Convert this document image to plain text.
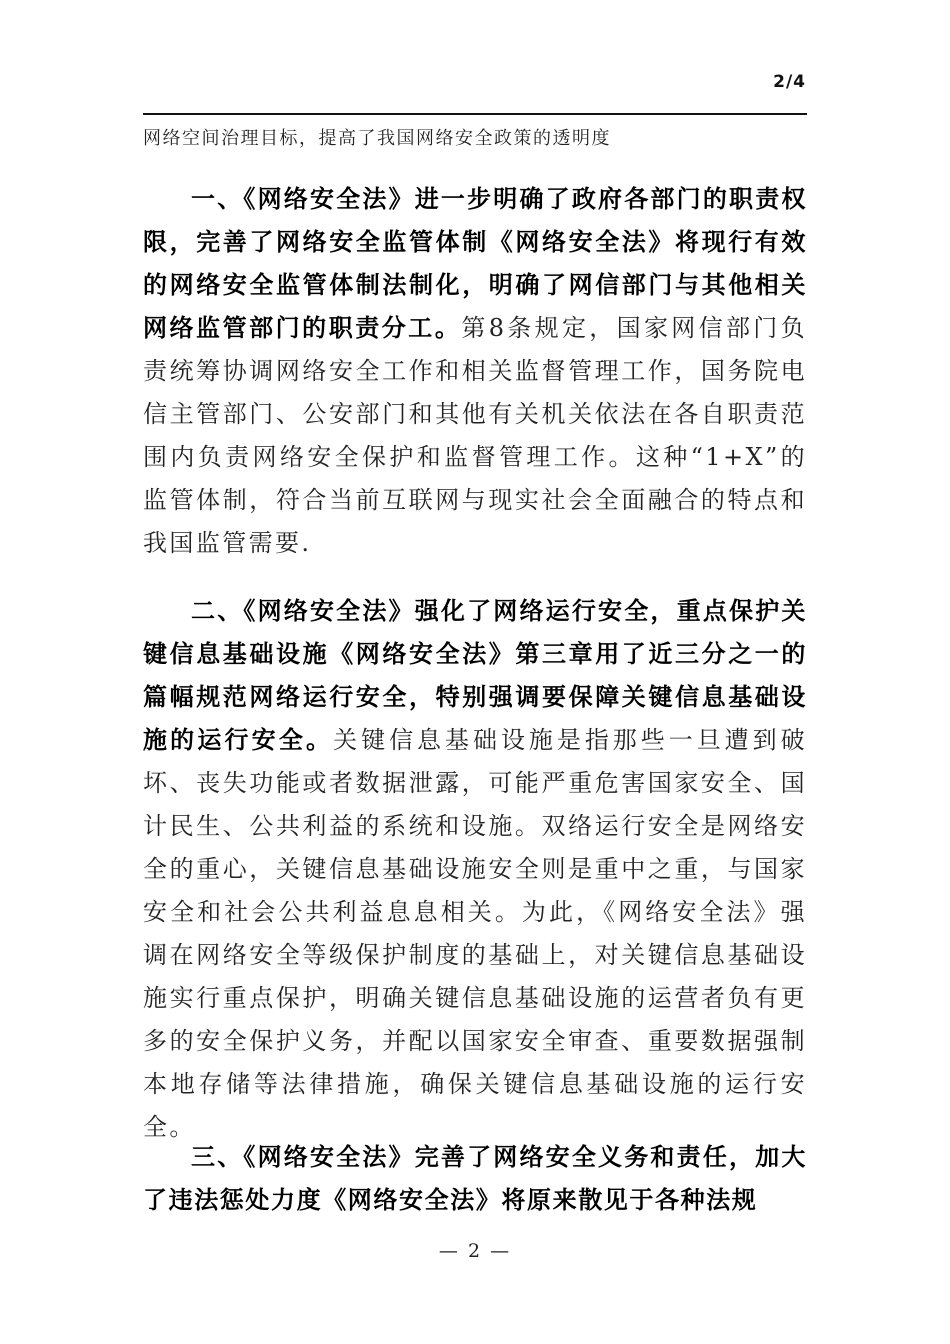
2/4
网络空间治理目标，提高了我国网络安全政策的透明度
一、《网络安全法》进一步明确了政府各部门的职责权限，完善了网络安全监管体制《网络安全法》将现行有效的网络安全监管体制法制化，明确了网信部门与其他相关网络监管部门的职责分工。第8条规定，国家网信部门负责统筹协调网络安全工作和相关监督管理工作，国务院电信主管部门、公安部门和其他有关机关依法在各自职责范围内负责网络安全保护和监督管理工作。这种“1+X”的监管体制，符合当前互联网与现实社会全面融合的特点和我国监管需要.
二、《网络安全法》强化了网络运行安全，重点保护关键信息基础设施《网络安全法》第三章用了近三分之一的篇幅规范网络运行安全，特别强调要保障关键信息基础设施的运行安全。关键信息基础设施是指那些一旦遭到破坏、丧失功能或者数据泄露，可能严重危害国家安全、国计民生、公共利益的系统和设施。双络运行安全是网络安全的重心，关键信息基础设施安全则是重中之重，与国家安全和社会公共利益息息相关。为此，《网络安全法》强调在网络安全等级保护制度的基础上，对关键信息基础设施实行重点保护，明确关键信息基础设施的运营者负有更多的安全保护义务，并配以国家安全审查、重要数据强制本地存储等法律措施，确保关键信息基础设施的运行安全。
三、《网络安全法》完善了网络安全义务和责任，加大了违法惩处力度《网络安全法》将原来散见于各种法规
— 2 —
